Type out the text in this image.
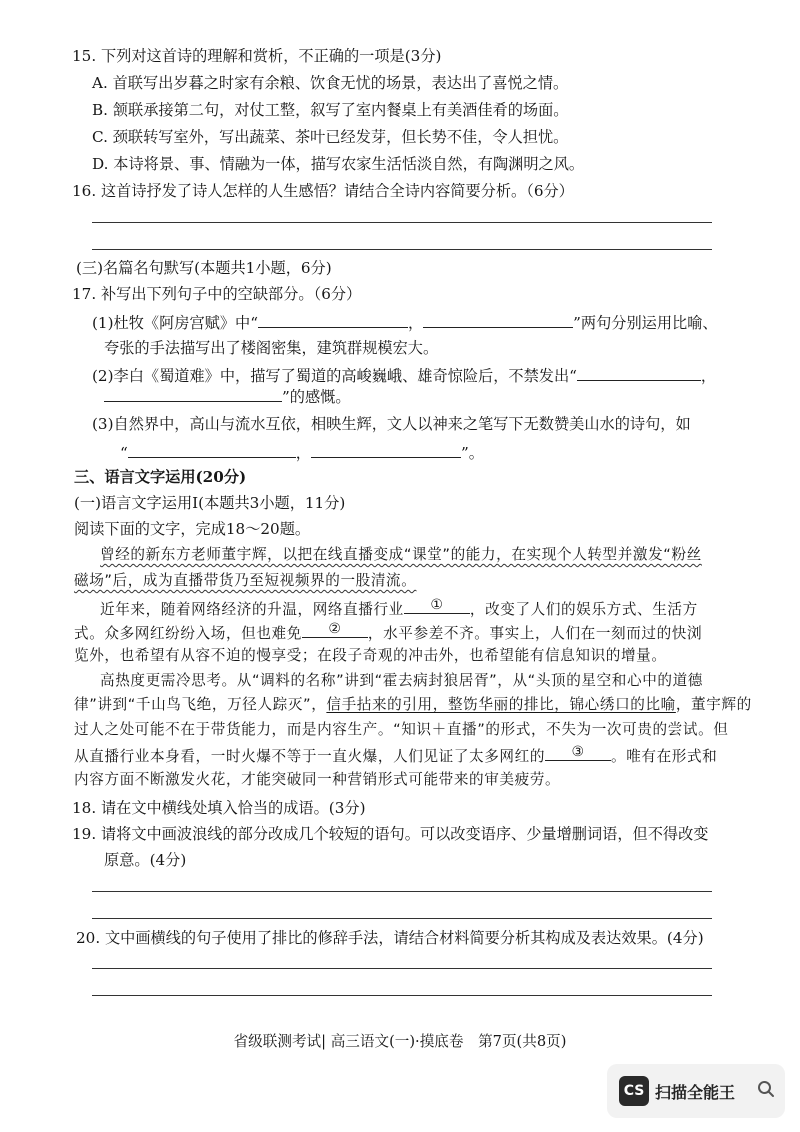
15. 下列对这首诗的理解和赏析，不正确的一项是(3分)
A. 首联写出岁暮之时家有余粮、饮食无忧的场景，表达出了喜悦之情。
B. 颔联承接第二句，对仗工整，叙写了室内餐桌上有美酒佳肴的场面。
C. 颈联转写室外，写出蔬菜、茶叶已经发芽，但长势不佳，令人担忧。
D. 本诗将景、事、情融为一体，描写农家生活恬淡自然，有陶渊明之风。
16. 这首诗抒发了诗人怎样的人生感悟？请结合全诗内容简要分析。（6分）
(三)名篇名句默写(本题共1小题，6分)
17. 补写出下列句子中的空缺部分。（6分）
(1)杜牧《阿房宫赋》中“	，	”两句分别运用比喻、
夸张的手法描写出了楼阁密集，建筑群规模宏大。
(2)李白《蜀道难》中，描写了蜀道的高峻巍峨、雄奇惊险后，不禁发出“	，
”的感慨。
(3)自然界中，高山与流水互依，相映生辉，文人以神来之笔写下无数赞美山水的诗句，如
“	，	”。
三、语言文字运用(20分)
(一)语言文字运用Ⅰ(本题共3小题，11分)
阅读下面的文字，完成18～20题。
曾经的新东方老师董宇辉，以把在线直播变成“课堂”的能力，在实现个人转型并激发“粉丝
磁场”后，成为直播带货乃至短视频界的一股清流。
近年来，随着网络经济的升温，网络直播行业	①	，改变了人们的娱乐方式、生活方
式。众多网红纷纷入场，但也难免	②	，水平参差不齐。事实上，人们在一刻而过的快浏
览外，也希望有从容不迫的慢享受；在段子奇观的冲击外，也希望能有信息知识的增量。
高热度更需冷思考。从“调料的名称”讲到“霍去病封狼居胥”，从“头顶的星空和心中的道德
律”讲到“千山鸟飞绝，万径人踪灭”，信手拈来的引用，整饬华丽的排比，锦心绣口的比喻，董宇辉的
过人之处可能不在于带货能力，而是内容生产。“知识＋直播”的形式，不失为一次可贵的尝试。但
从直播行业本身看，一时火爆不等于一直火爆，人们见证了太多网红的	③	。唯有在形式和
内容方面不断激发火花，才能突破同一种营销形式可能带来的审美疲劳。
18. 请在文中横线处填入恰当的成语。(3分)
19. 请将文中画波浪线的部分改成几个较短的语句。可以改变语序、少量增删词语，但不得改变
原意。(4分)
20. 文中画横线的句子使用了排比的修辞手法，请结合材料简要分析其构成及表达效果。(4分)
省级联测考试| 高三语文(一)·摸底卷　第7页(共8页)
CS 扫描全能王
